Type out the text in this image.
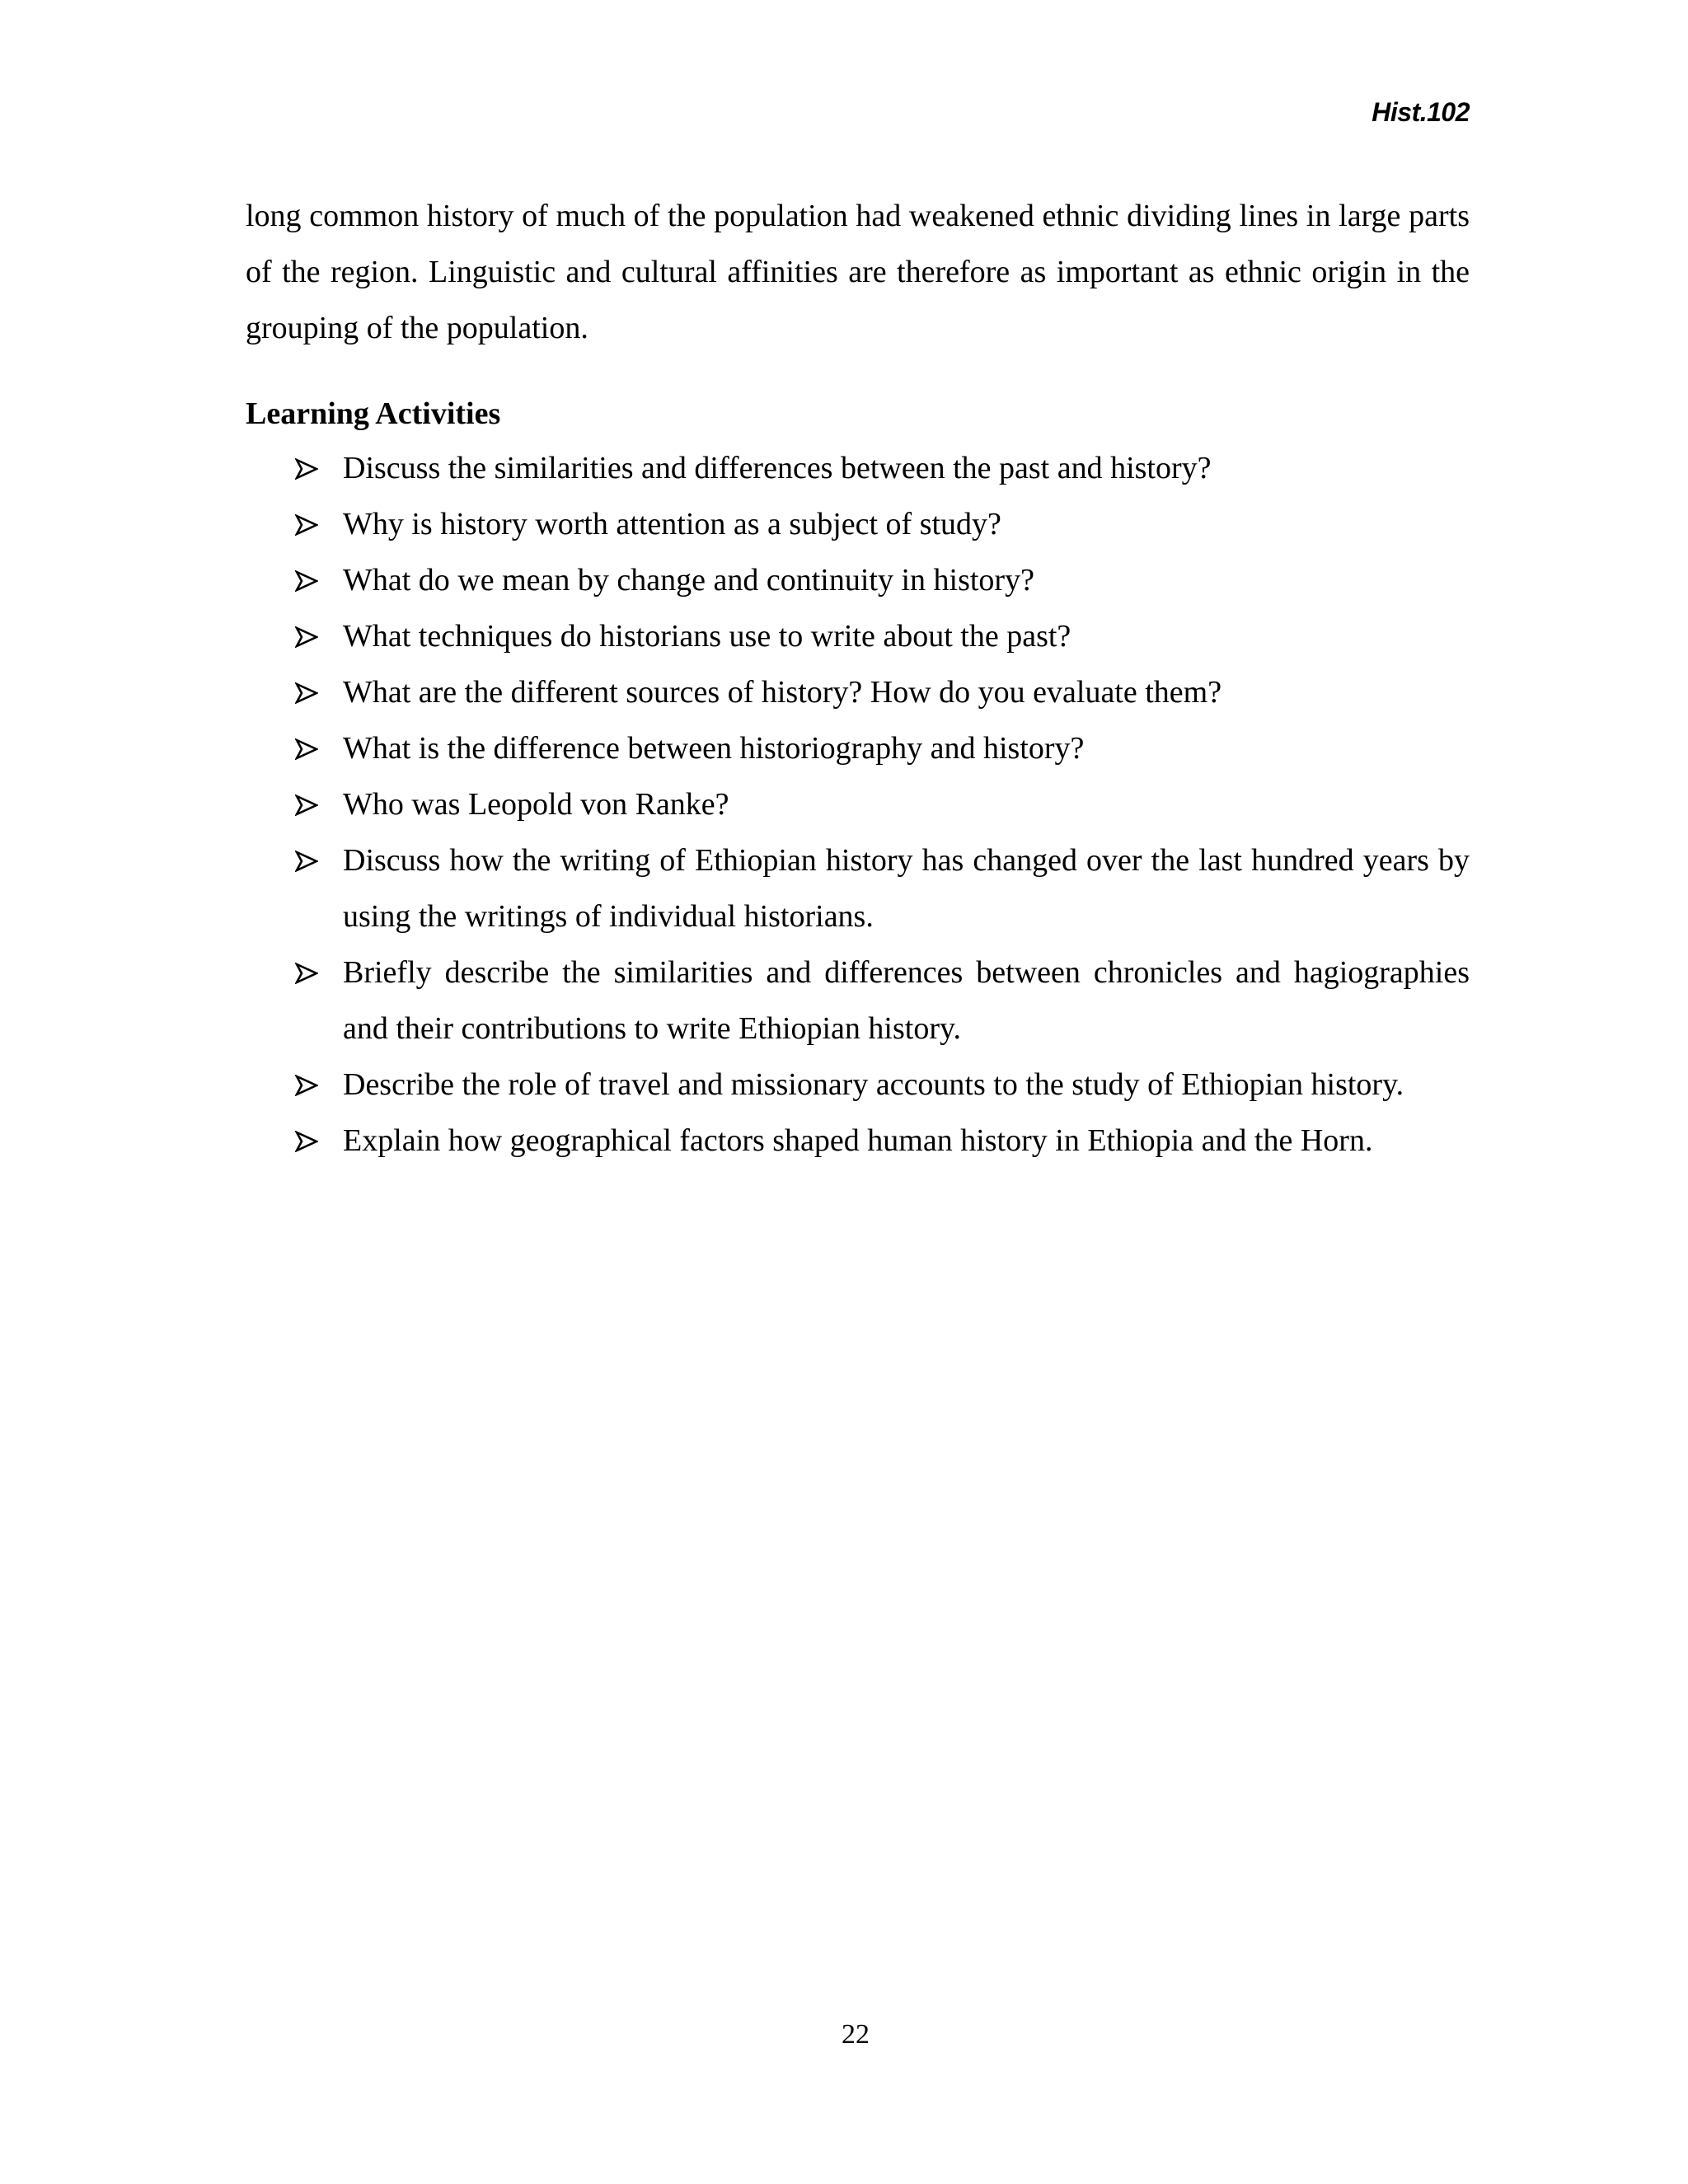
Hist.102

long common history of much of the population had weakened ethnic dividing lines in large parts of the region. Linguistic and cultural affinities are therefore as important as ethnic origin in the grouping of the population.

Learning Activities
Discuss the similarities and differences between the past and history?
Why is history worth attention as a subject of study?
What do we mean by change and continuity in history?
What techniques do historians use to write about the past?
What are the different sources of history? How do you evaluate them?
What is the difference between historiography and history?
Who was Leopold von Ranke?
Discuss how the writing of Ethiopian history has changed over the last hundred years by using the writings of individual historians.
Briefly describe the similarities and differences between chronicles and hagiographies and their contributions to write Ethiopian history.
Describe the role of travel and missionary accounts to the study of Ethiopian history.
Explain how geographical factors shaped human history in Ethiopia and the Horn.
22
